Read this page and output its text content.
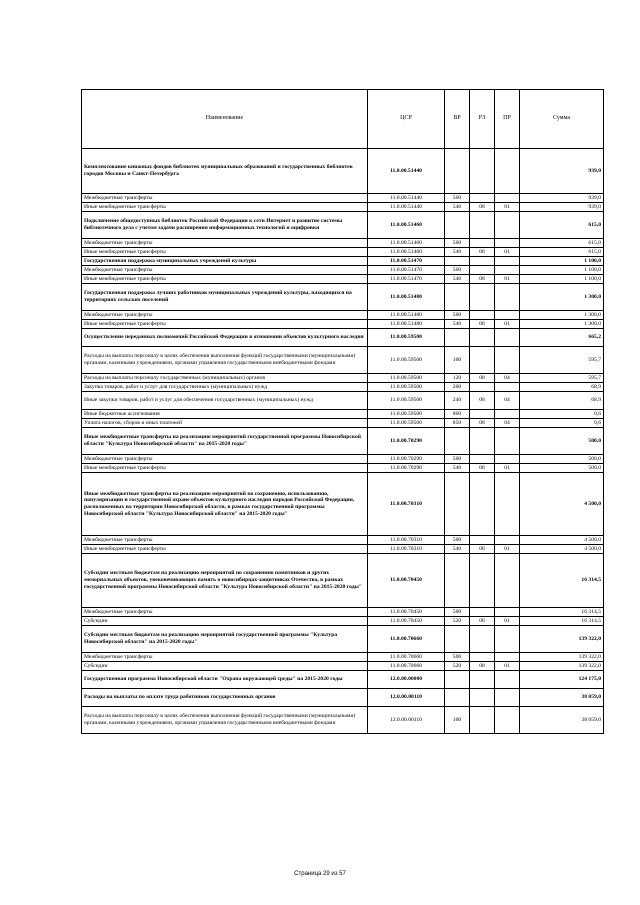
Наименование	ЦСР	ВР	РЗ	ПР	Сумма
Комплектование книжных фондов библиотек муниципальных образований и государственных библиотек городов Москвы и Санкт-Петербурга	11.0.00.51440				939,0
Межбюджетные трансферты	11.0.00.51440	500			939,0
Иные межбюджетные трансферты	11.0.00.51440	540	08	01	939,0
Подключение общедоступных библиотек Российской Федерации к сети Интернет и развитие системы библиотечного дела с учетом задачи расширения информационных технологий и оцифровки	11.0.00.51460				615,0
Межбюджетные трансферты	11.0.00.51460	500			615,0
Иные межбюджетные трансферты	11.0.00.51460	540	08	01	615,0
Государственная поддержка муниципальных учреждений культуры	11.0.00.51470				1 100,0
Межбюджетные трансферты	11.0.00.51470	500			1 100,0
Иные межбюджетные трансферты	11.0.00.51470	540	08	01	1 100,0
Государственная поддержка лучших работников муниципальных учреждений культуры, находящихся на территориях сельских поселений	11.0.00.51480				1 300,0
Межбюджетные трансферты	11.0.00.51480	500			1 300,0
Иные межбюджетные трансферты	11.0.00.51480	540	08	01	1 300,0
Осуществление переданных полномочий Российской Федерации в отношении объектов культурного наследия	11.0.00.59500				665,2
Расходы на выплаты персоналу в целях обеспечения выполнения функций государственными (муниципальными) органами, казенными учреждениями, органами управления государственными внебюджетными фондами	11.0.00.59500	100			595,7
Расходы на выплаты персоналу государственных (муниципальных) органов	11.0.00.59500	120	08	04	595,7
Закупка товаров, работ и услуг для государственных (муниципальных) нужд	11.0.00.59500	200			68,9
Иные закупки товаров, работ и услуг для обеспечения государственных (муниципальных) нужд	11.0.00.59500	240	08	04	68,9
Иные бюджетные ассигнования	11.0.00.59500	800			0,6
Уплата налогов, сборов и иных платежей	11.0.00.59500	850	08	04	0,6
Иные межбюджетные трансферты на реализацию мероприятий государственной программы Новосибирской области "Культура Новосибирской области" на 2015-2020 годы"	11.0.00.70290				500,0
Межбюджетные трансферты	11.0.00.70290	500			500,0
Иные межбюджетные трансферты	11.0.00.70290	540	08	01	500,0
Иные межбюджетные трансферты на реализацию мероприятий по сохранению, использованию, популяризации и государственной охране объектов культурного наследия народов Российской Федерации, расположенных на территории Новосибирской области, в рамках государственной программы Новосибирской области "Культура Новосибирской области" на 2015-2020 годы"	11.0.00.70310				4 500,0
Межбюджетные трансферты	11.0.00.70310	500			4 500,0
Иные межбюджетные трансферты	11.0.00.70310	540	08	01	4 500,0
Субсидии местным бюджетам на реализацию мероприятий по сохранению памятников и других мемориальных объектов, увековечивающих память о новосибирцах-защитниках Отечества, в рамках государственной программы Новосибирской области "Культура Новосибирской области" на 2015-2020 годы"	11.0.00.70450				16 314,5
Межбюджетные трансферты	11.0.00.70450	500			16 314,5
Субсидии	11.0.00.70450	520	08	01	16 314,5
Субсидии местным бюджетам на реализацию мероприятий государственной программы "Культура Новосибирской области" на 2015-2020 годы"	11.0.00.70660				139 322,0
Межбюджетные трансферты	11.0.00.70660	500			139 322,0
Субсидии	11.0.00.70660	520	08	01	139 322,0
Государственная программа Новосибирской области "Охрана окружающей среды" на 2015-2020 годы	12.0.00.00000				124 175,0
Расходы на выплаты по оплате труда работников государственных органов	12.0.00.00110				38 059,0
Расходы на выплаты персоналу в целях обеспечения выполнения функций государственными (муниципальными) органами, казенными учреждениями, органами управления государственными внебюджетными фондами	12.0.00.00110	100			38 059,0
Страница 29 из 57
